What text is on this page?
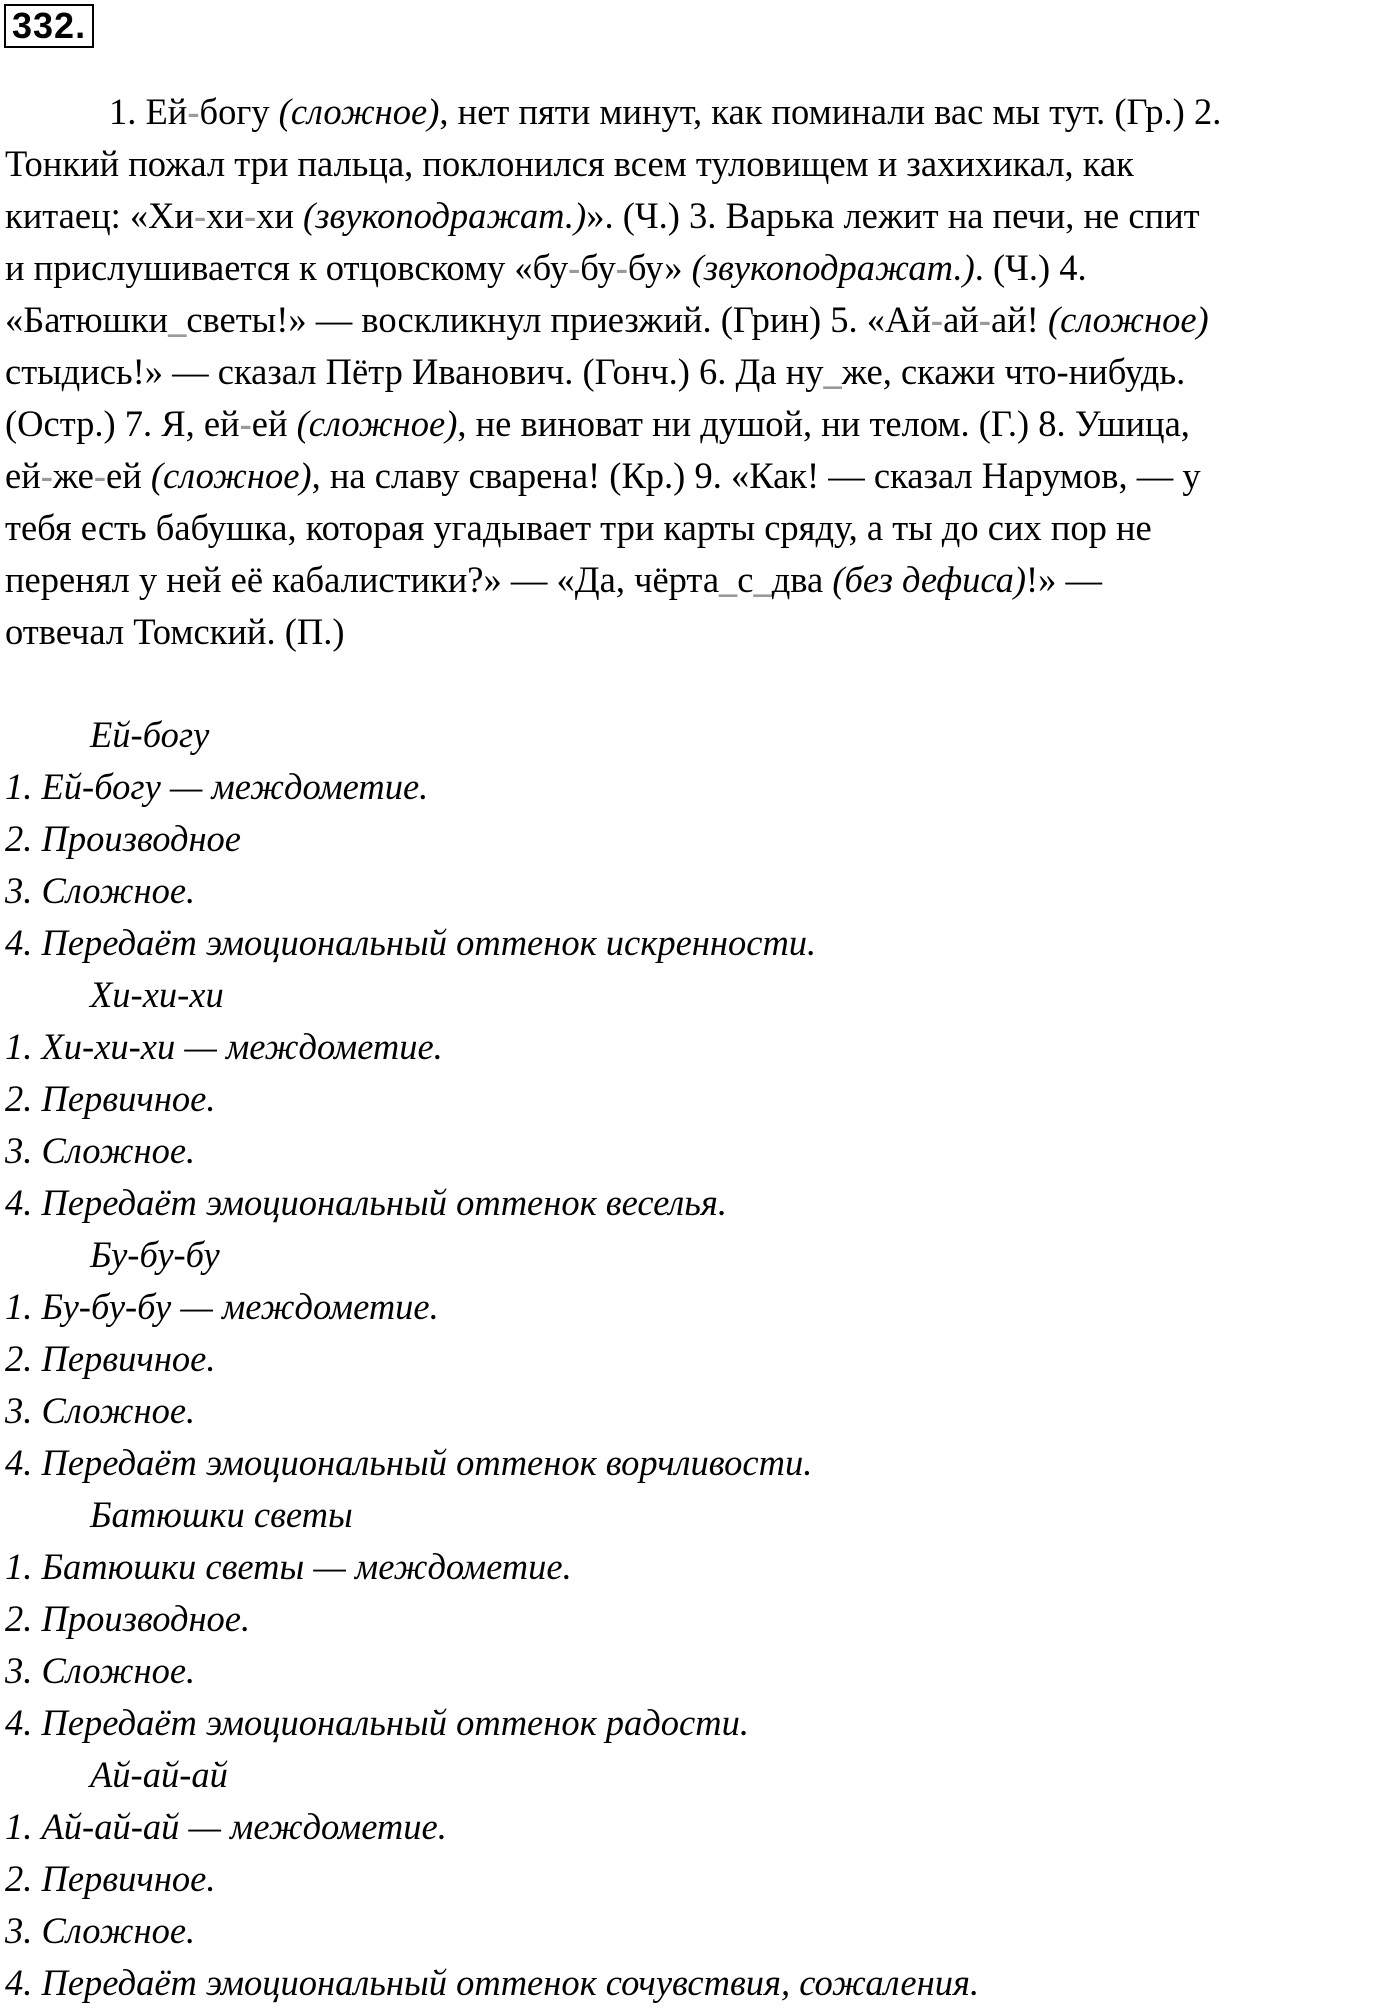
332.
1. Ей-богу (сложное), нет пяти минут, как поминали вас мы тут. (Гр.) 2.
Тонкий пожал три пальца, поклонился всем туловищем и захихикал, как
китаец: «Хи-хи-хи (звукоподражат.)». (Ч.) 3. Варька лежит на печи, не спит
и прислушивается к отцовскому «бу-бу-бу» (звукоподражат.). (Ч.) 4.
«Батюшки_светы!» — воскликнул приезжий. (Грин) 5. «Ай-ай-ай! (сложное)
стыдись!» — сказал Пётр Иванович. (Гонч.) 6. Да ну_же, скажи что-нибудь.
(Остр.) 7. Я, ей-ей (сложное), не виноват ни душой, ни телом. (Г.) 8. Ушица,
ей-же-ей (сложное), на славу сварена! (Кр.) 9. «Как! — сказал Нарумов, — у
тебя есть бабушка, которая угадывает три карты сряду, а ты до сих пор не
перенял у ней её кабалистики?» — «Да, чёрта_с_два (без дефиса)!» —
отвечал Томский. (П.)
Ей-богу
1. Ей-богу — междометие.
2. Производное
3. Сложное.
4. Передаёт эмоциональный оттенок искренности.
Хи-хи-хи
1. Хи-хи-хи — междометие.
2. Первичное.
3. Сложное.
4. Передаёт эмоциональный оттенок веселья.
Бу-бу-бу
1. Бу-бу-бу — междометие.
2. Первичное.
3. Сложное.
4. Передаёт эмоциональный оттенок ворчливости.
Батюшки светы
1. Батюшки светы — междометие.
2. Производное.
3. Сложное.
4. Передаёт эмоциональный оттенок радости.
Ай-ай-ай
1. Ай-ай-ай — междометие.
2. Первичное.
3. Сложное.
4. Передаёт эмоциональный оттенок сочувствия, сожаления.
